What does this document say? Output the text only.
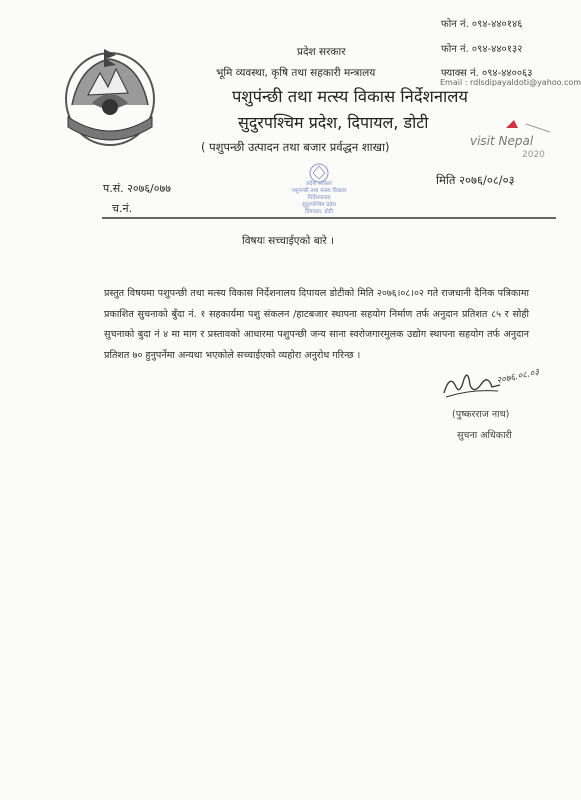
फोन नं. ०९४-४४०१४६
फोन नं. ०९४-४४०१३२
फ्याक्स नं. ०९४-४४००६३
Email : rdlsdipayaldoti@yahoo.com
प्रदेश सरकार
भूमि व्यवस्था, कृषि तथा सहकारी मन्त्रालय
पशुपंन्छी तथा मत्स्य विकास निर्देशनालय
सुदुरपश्चिम प्रदेश, दिपायल, डोटी
( पशुपन्छी उत्पादन तथा बजार प्रर्वद्धन शाखा)	visit Nepal
2020
प्रदेश सरकार
पशुपंन्छी तथा मत्स्य विकास
निर्देशनालय
सुदुरपश्चिम प्रदेश
दिपायल, डोटी
प.सं. २०७६/०७७
च.नं.
मिति २०७६/०८/०३
विषयः सच्चाईएको बारे ।
प्रस्तुत विषयमा पशुपन्छी तथा मत्स्य विकास निर्देशनालय दिपायल डोटीको मिति २०७६।०८।०२ गते राजधानी दैनिक पत्रिकामा प्रकाशित सुचनाको बुँदा नं. १ सहकार्यमा पशु संकलन /हाटबजार स्थापना सहयोग निर्माण तर्फ अनुदान प्रतिशत ८५ र सोही सुचनाको बुदा नं ४ मा माग र प्रस्तावको आधारमा पशुपन्छी जन्य साना स्वरोजगारमुलक उद्योग स्थापना सहयोग तर्फ अनुदान प्रतिशत ७० हुनुपर्नेमा अन्यथा भएकोले सच्चाईएको व्यहोरा अनुरोध गरिन्छ ।
२०७६.०८.०३
(पुष्करराज नाथ)
सुचना अधिकारी
